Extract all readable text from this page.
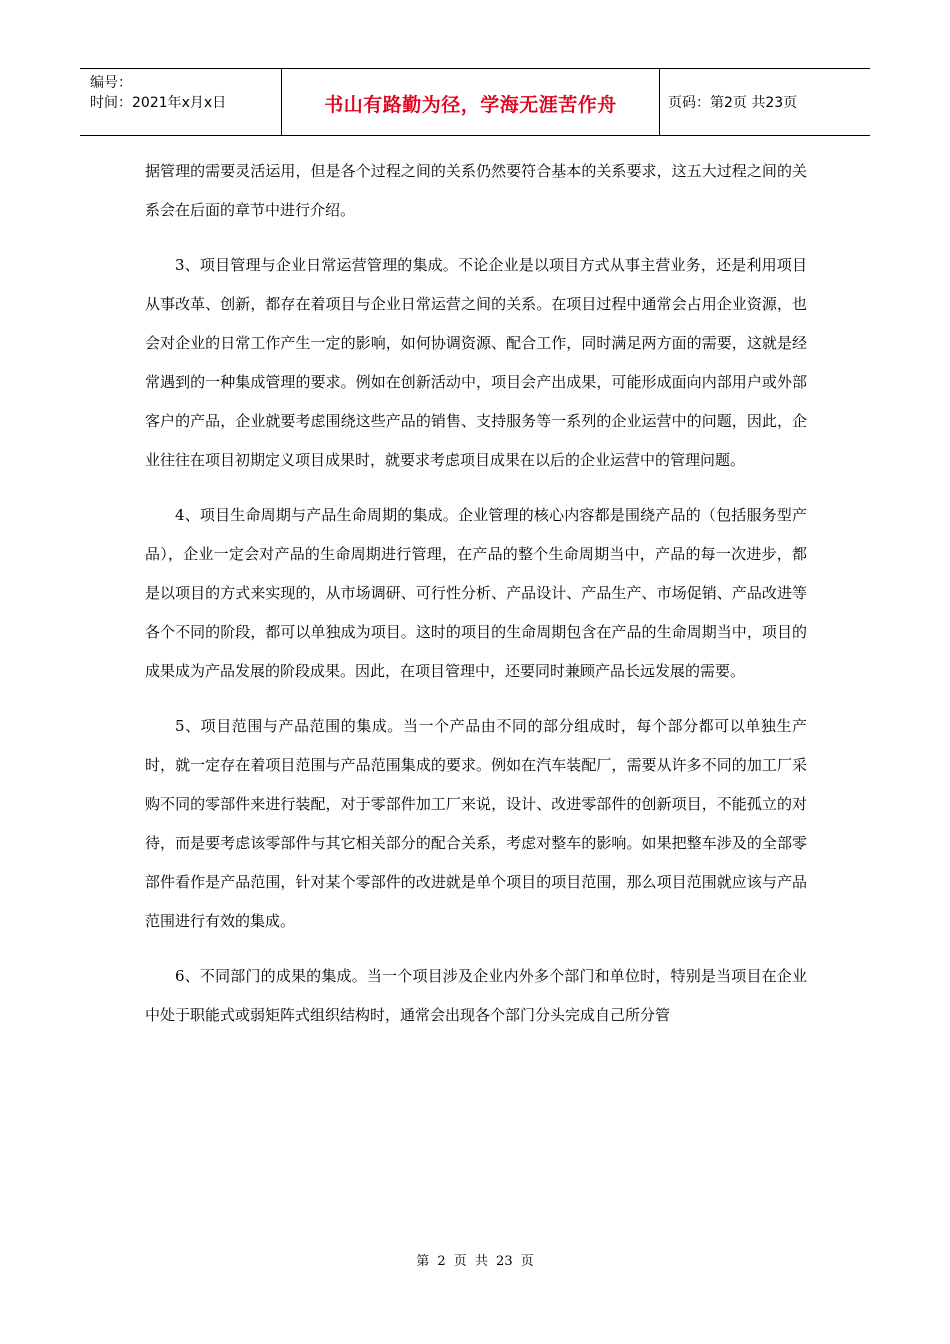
编号：
时间：2021年x月x日	书山有路勤为径，学海无涯苦作舟	页码：第2页 共23页

据管理的需要灵活运用，但是各个过程之间的关系仍然要符合基本的关系要求，这五大过程之间的关系会在后面的章节中进行介绍。

3、项目管理与企业日常运营管理的集成。不论企业是以项目方式从事主营业务，还是利用项目从事改革、创新，都存在着项目与企业日常运营之间的关系。在项目过程中通常会占用企业资源，也会对企业的日常工作产生一定的影响，如何协调资源、配合工作，同时满足两方面的需要，这就是经常遇到的一种集成管理的要求。例如在创新活动中，项目会产出成果，可能形成面向内部用户或外部客户的产品，企业就要考虑围绕这些产品的销售、支持服务等一系列的企业运营中的问题，因此，企业往往在项目初期定义项目成果时，就要求考虑项目成果在以后的企业运营中的管理问题。

4、项目生命周期与产品生命周期的集成。企业管理的核心内容都是围绕产品的（包括服务型产品），企业一定会对产品的生命周期进行管理，在产品的整个生命周期当中，产品的每一次进步，都是以项目的方式来实现的，从市场调研、可行性分析、产品设计、产品生产、市场促销、产品改进等各个不同的阶段，都可以单独成为项目。这时的项目的生命周期包含在产品的生命周期当中，项目的成果成为产品发展的阶段成果。因此，在项目管理中，还要同时兼顾产品长远发展的需要。

5、项目范围与产品范围的集成。当一个产品由不同的部分组成时，每个部分都可以单独生产时，就一定存在着项目范围与产品范围集成的要求。例如在汽车装配厂，需要从许多不同的加工厂采购不同的零部件来进行装配，对于零部件加工厂来说，设计、改进零部件的创新项目，不能孤立的对待，而是要考虑该零部件与其它相关部分的配合关系，考虑对整车的影响。如果把整车涉及的全部零部件看作是产品范围，针对某个零部件的改进就是单个项目的项目范围，那么项目范围就应该与产品范围进行有效的集成。

6、不同部门的成果的集成。当一个项目涉及企业内外多个部门和单位时，特别是当项目在企业中处于职能式或弱矩阵式组织结构时，通常会出现各个部门分头完成自己所分管

第 2 页 共 23 页
